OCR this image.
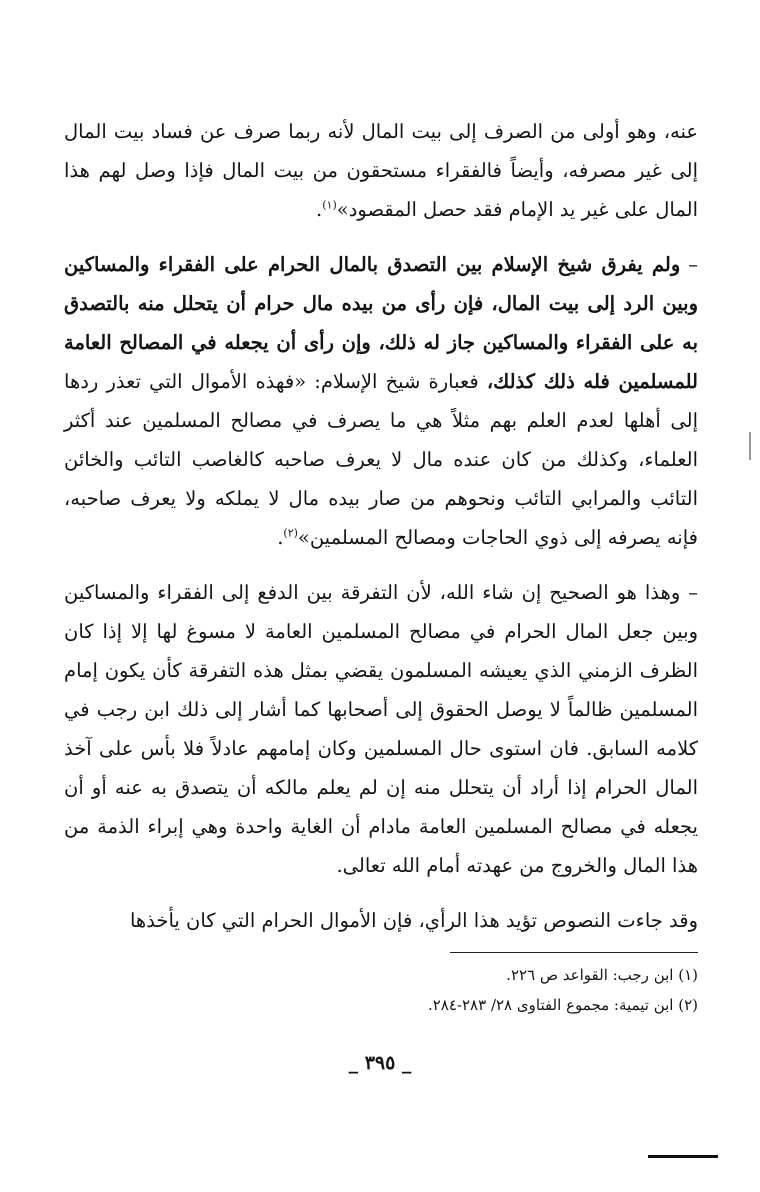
عنه، وهو أولى من الصرف إلى بيت المال لأنه ربما صرف عن فساد بيت المال إلى غير مصرفه، وأيضاً فالفقراء مستحقون من بيت المال فإذا وصل لهم هذا المال على غير يد الإمام فقد حصل المقصود»$^{(١)}$.

–ولم يفرق شيخ الإسلام بين التصدق بالمال الحرام على الفقراء والمساكين وبين الرد إلى بيت المال، فإن رأى من بيده مال حرام أن يتحلل منه بالتصدق به على الفقراء والمساكين جاز له ذلك، وإن رأى أن يجعله في المصالح العامة للمسلمين فله ذلك كذلك، فعبارة شيخ الإسلام: «فهذه الأموال التي تعذر ردها إلى أهلها لعدم العلم بهم مثلاً هي ما يصرف في مصالح المسلمين عند أكثر العلماء، وكذلك من كان عنده مال لا يعرف صاحبه كالغاصب التائب والخائن التائب والمرابي التائب ونحوهم من صار بيده مال لا يملكه ولا يعرف صاحبه، فإنه يصرفه إلى ذوي الحاجات ومصالح المسلمين»$^{(٢)}$.

–وهذا هو الصحيح إن شاء الله، لأن التفرقة بين الدفع إلى الفقراء والمساكين وبين جعل المال الحرام في مصالح المسلمين العامة لا مسوغ لها إلا إذا كان الظرف الزمني الذي يعيشه المسلمون يقضي بمثل هذه التفرقة كأن يكون إمام المسلمين ظالماً لا يوصل الحقوق إلى أصحابها كما أشار إلى ذلك ابن رجب في كلامه السابق. فان استوى حال المسلمين وكان إمامهم عادلاً فلا بأس على آخذ المال الحرام إذا أراد أن يتحلل منه إن لم يعلم مالكه أن يتصدق به عنه أو أن يجعله في مصالح المسلمين العامة مادام أن الغاية واحدة وهي إبراء الذمة من هذا المال والخروج من عهدته أمام الله تعالى.

وقد جاءت النصوص تؤيد هذا الرأي، فإن الأموال الحرام التي كان يأخذها

(١) ابن رجب: القواعد ص ٢٢٦.

(٢) ابن تيمية: مجموع الفتاوى ٢٨/ ٢٨٣-٢٨٤.

_ ٣٩٥ _
